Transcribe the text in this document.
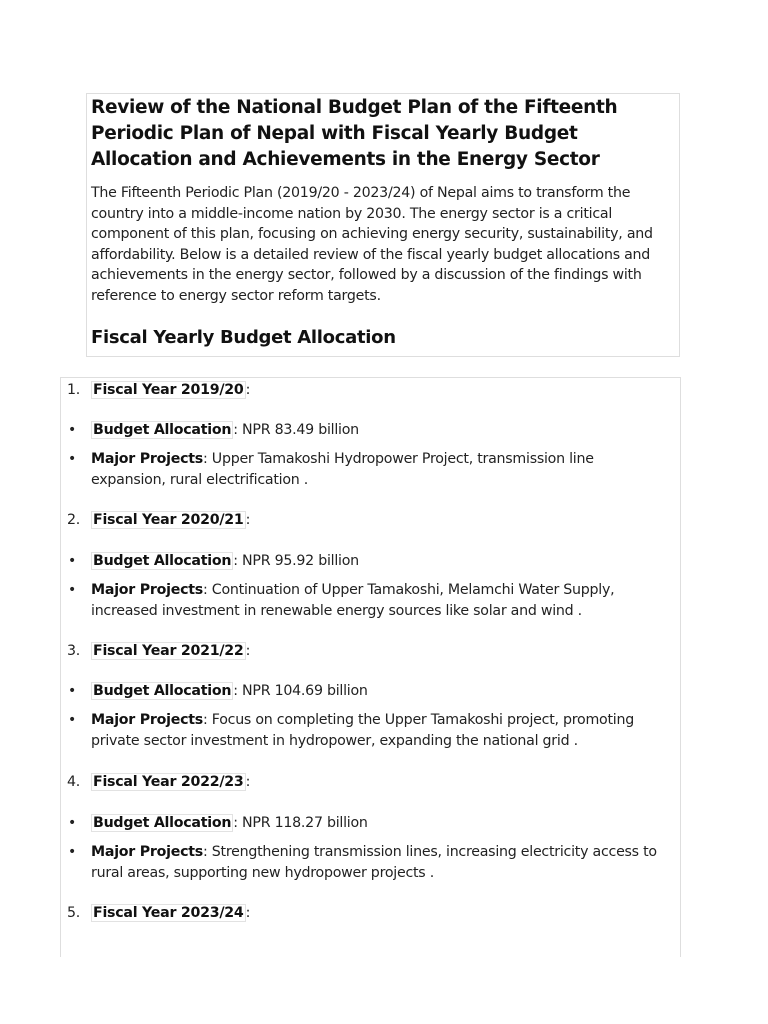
Review of the National Budget Plan of the Fifteenth Periodic Plan of Nepal with Fiscal Yearly Budget Allocation and Achievements in the Energy Sector

The Fifteenth Periodic Plan (2019/20 - 2023/24) of Nepal aims to transform the country into a middle-income nation by 2030. The energy sector is a critical component of this plan, focusing on achieving energy security, sustainability, and affordability. Below is a detailed review of the fiscal yearly budget allocations and achievements in the energy sector, followed by a discussion of the findings with reference to energy sector reform targets.

Fiscal Yearly Budget Allocation
1. Fiscal Year 2019/20 :
• Budget Allocation : NPR 83.49 billion
• Major Projects: Upper Tamakoshi Hydropower Project, transmission line expansion, rural electrification .
2. Fiscal Year 2020/21 :
• Budget Allocation : NPR 95.92 billion
• Major Projects: Continuation of Upper Tamakoshi, Melamchi Water Supply, increased investment in renewable energy sources like solar and wind .
3. Fiscal Year 2021/22 :
• Budget Allocation : NPR 104.69 billion
• Major Projects: Focus on completing the Upper Tamakoshi project, promoting private sector investment in hydropower, expanding the national grid .
4. Fiscal Year 2022/23 :
• Budget Allocation : NPR 118.27 billion
• Major Projects: Strengthening transmission lines, increasing electricity access to rural areas, supporting new hydropower projects .
5. Fiscal Year 2023/24 :
